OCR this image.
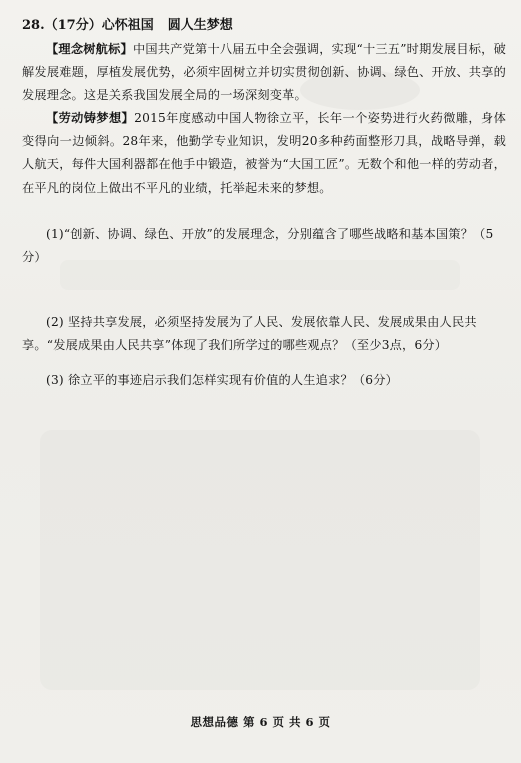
28.（17分）心怀祖国 圆人生梦想
【理念树航标】中国共产党第十八届五中全会强调，实现“十三五”时期发展目标，破解发展难题，厚植发展优势，必须牢固树立并切实贯彻创新、协调、绿色、开放、共享的发展理念。这是关系我国发展全局的一场深刻变革。
【劳动铸梦想】2015年度感动中国人物徐立平，长年一个姿势进行火药微雕，身体变得向一边倾斜。28年来，他勤学专业知识，发明20多种药面整形刀具，战略导弹，载人航天，每件大国利器都在他手中锻造，被誉为“大国工匠”。无数个和他一样的劳动者，在平凡的岗位上做出不平凡的业绩，托举起未来的梦想。
(1)“创新、协调、绿色、开放”的发展理念，分别蕴含了哪些战略和基本国策？（5分）
(2) 坚持共享发展，必须坚持发展为了人民、发展依靠人民、发展成果由人民共享。“发展成果由人民共享”体现了我们所学过的哪些观点？（至少3点，6分）
(3) 徐立平的事迹启示我们怎样实现有价值的人生追求？（6分）
思想品德 第 6 页 共 6 页
